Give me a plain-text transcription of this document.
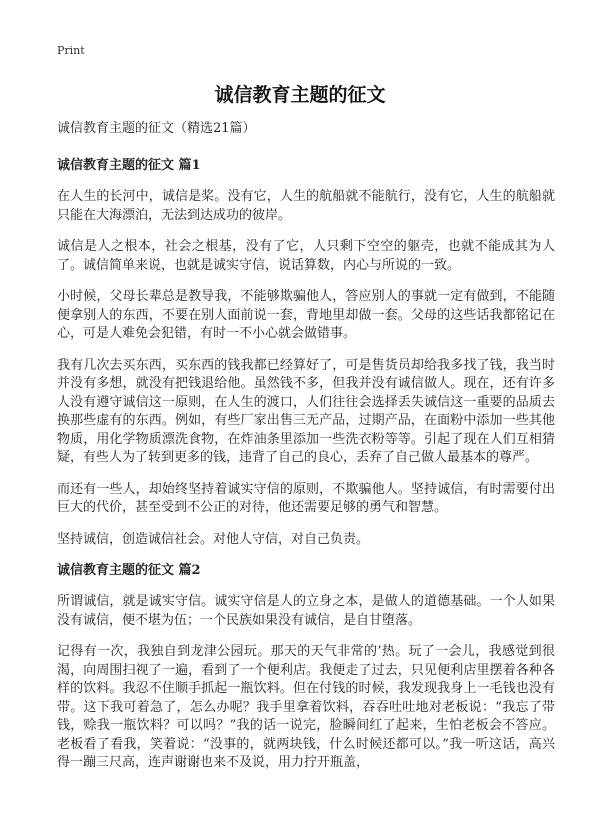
Print
诚信教育主题的征文

诚信教育主题的征文（精选21篇）

诚信教育主题的征文 篇1

在人生的长河中，诚信是桨。没有它，人生的航船就不能航行，没有它，人生的航船就只能在大海漂泊，无法到达成功的彼岸。

诚信是人之根本，社会之根基，没有了它，人只剩下空空的躯壳，也就不能成其为人了。诚信简单来说，也就是诚实守信，说话算数，内心与所说的一致。

小时候，父母长辈总是教导我，不能够欺骗他人，答应别人的事就一定有做到，不能随便拿别人的东西，不要在别人面前说一套，背地里却做一套。父母的这些话我都铭记在心，可是人难免会犯错，有时一不小心就会做错事。

我有几次去买东西，买东西的钱我都已经算好了，可是售货员却给我多找了钱，我当时并没有多想，就没有把钱退给他。虽然钱不多，但我并没有诚信做人。现在，还有许多人没有遵守诚信这一原则，在人生的渡口，人们往往会选择丢失诚信这一重要的品质去换那些虚有的东西。例如，有些厂家出售三无产品，过期产品，在面粉中添加一些其他物质，用化学物质漂洗食物，在炸油条里添加一些洗衣粉等等。引起了现在人们互相猜疑，有些人为了转到更多的钱，违背了自己的良心，丢弃了自己做人最基本的尊严。

而还有一些人，却始终坚持着诚实守信的原则，不欺骗他人。坚持诚信，有时需要付出巨大的代价，甚至受到不公正的对待，他还需要足够的勇气和智慧。

坚持诚信，创造诚信社会。对他人守信，对自己负责。

诚信教育主题的征文 篇2

所谓诚信，就是诚实守信。诚实守信是人的立身之本，是做人的道德基础。一个人如果没有诚信，便不堪为伍；一个民族如果没有诚信，是自甘堕落。

记得有一次，我独自到龙津公园玩。那天的天气非常的’热。玩了一会儿，我感觉到很渴，向周围扫视了一遍，看到了一个便利店。我便走了过去，只见便利店里摆着各种各样的饮料。我忍不住顺手抓起一瓶饮料。但在付钱的时候，我发现我身上一毛钱也没有带。这下我可着急了，怎么办呢？我手里拿着饮料，吞吞吐吐地对老板说：“我忘了带钱，赊我一瓶饮料？可以吗？”我的话一说完，脸瞬间红了起来，生怕老板会不答应。老板看了看我，笑着说：“没事的，就两块钱，什么时候还都可以。”我一听这话，高兴得一蹦三尺高，连声谢谢也来不及说，用力拧开瓶盖，
